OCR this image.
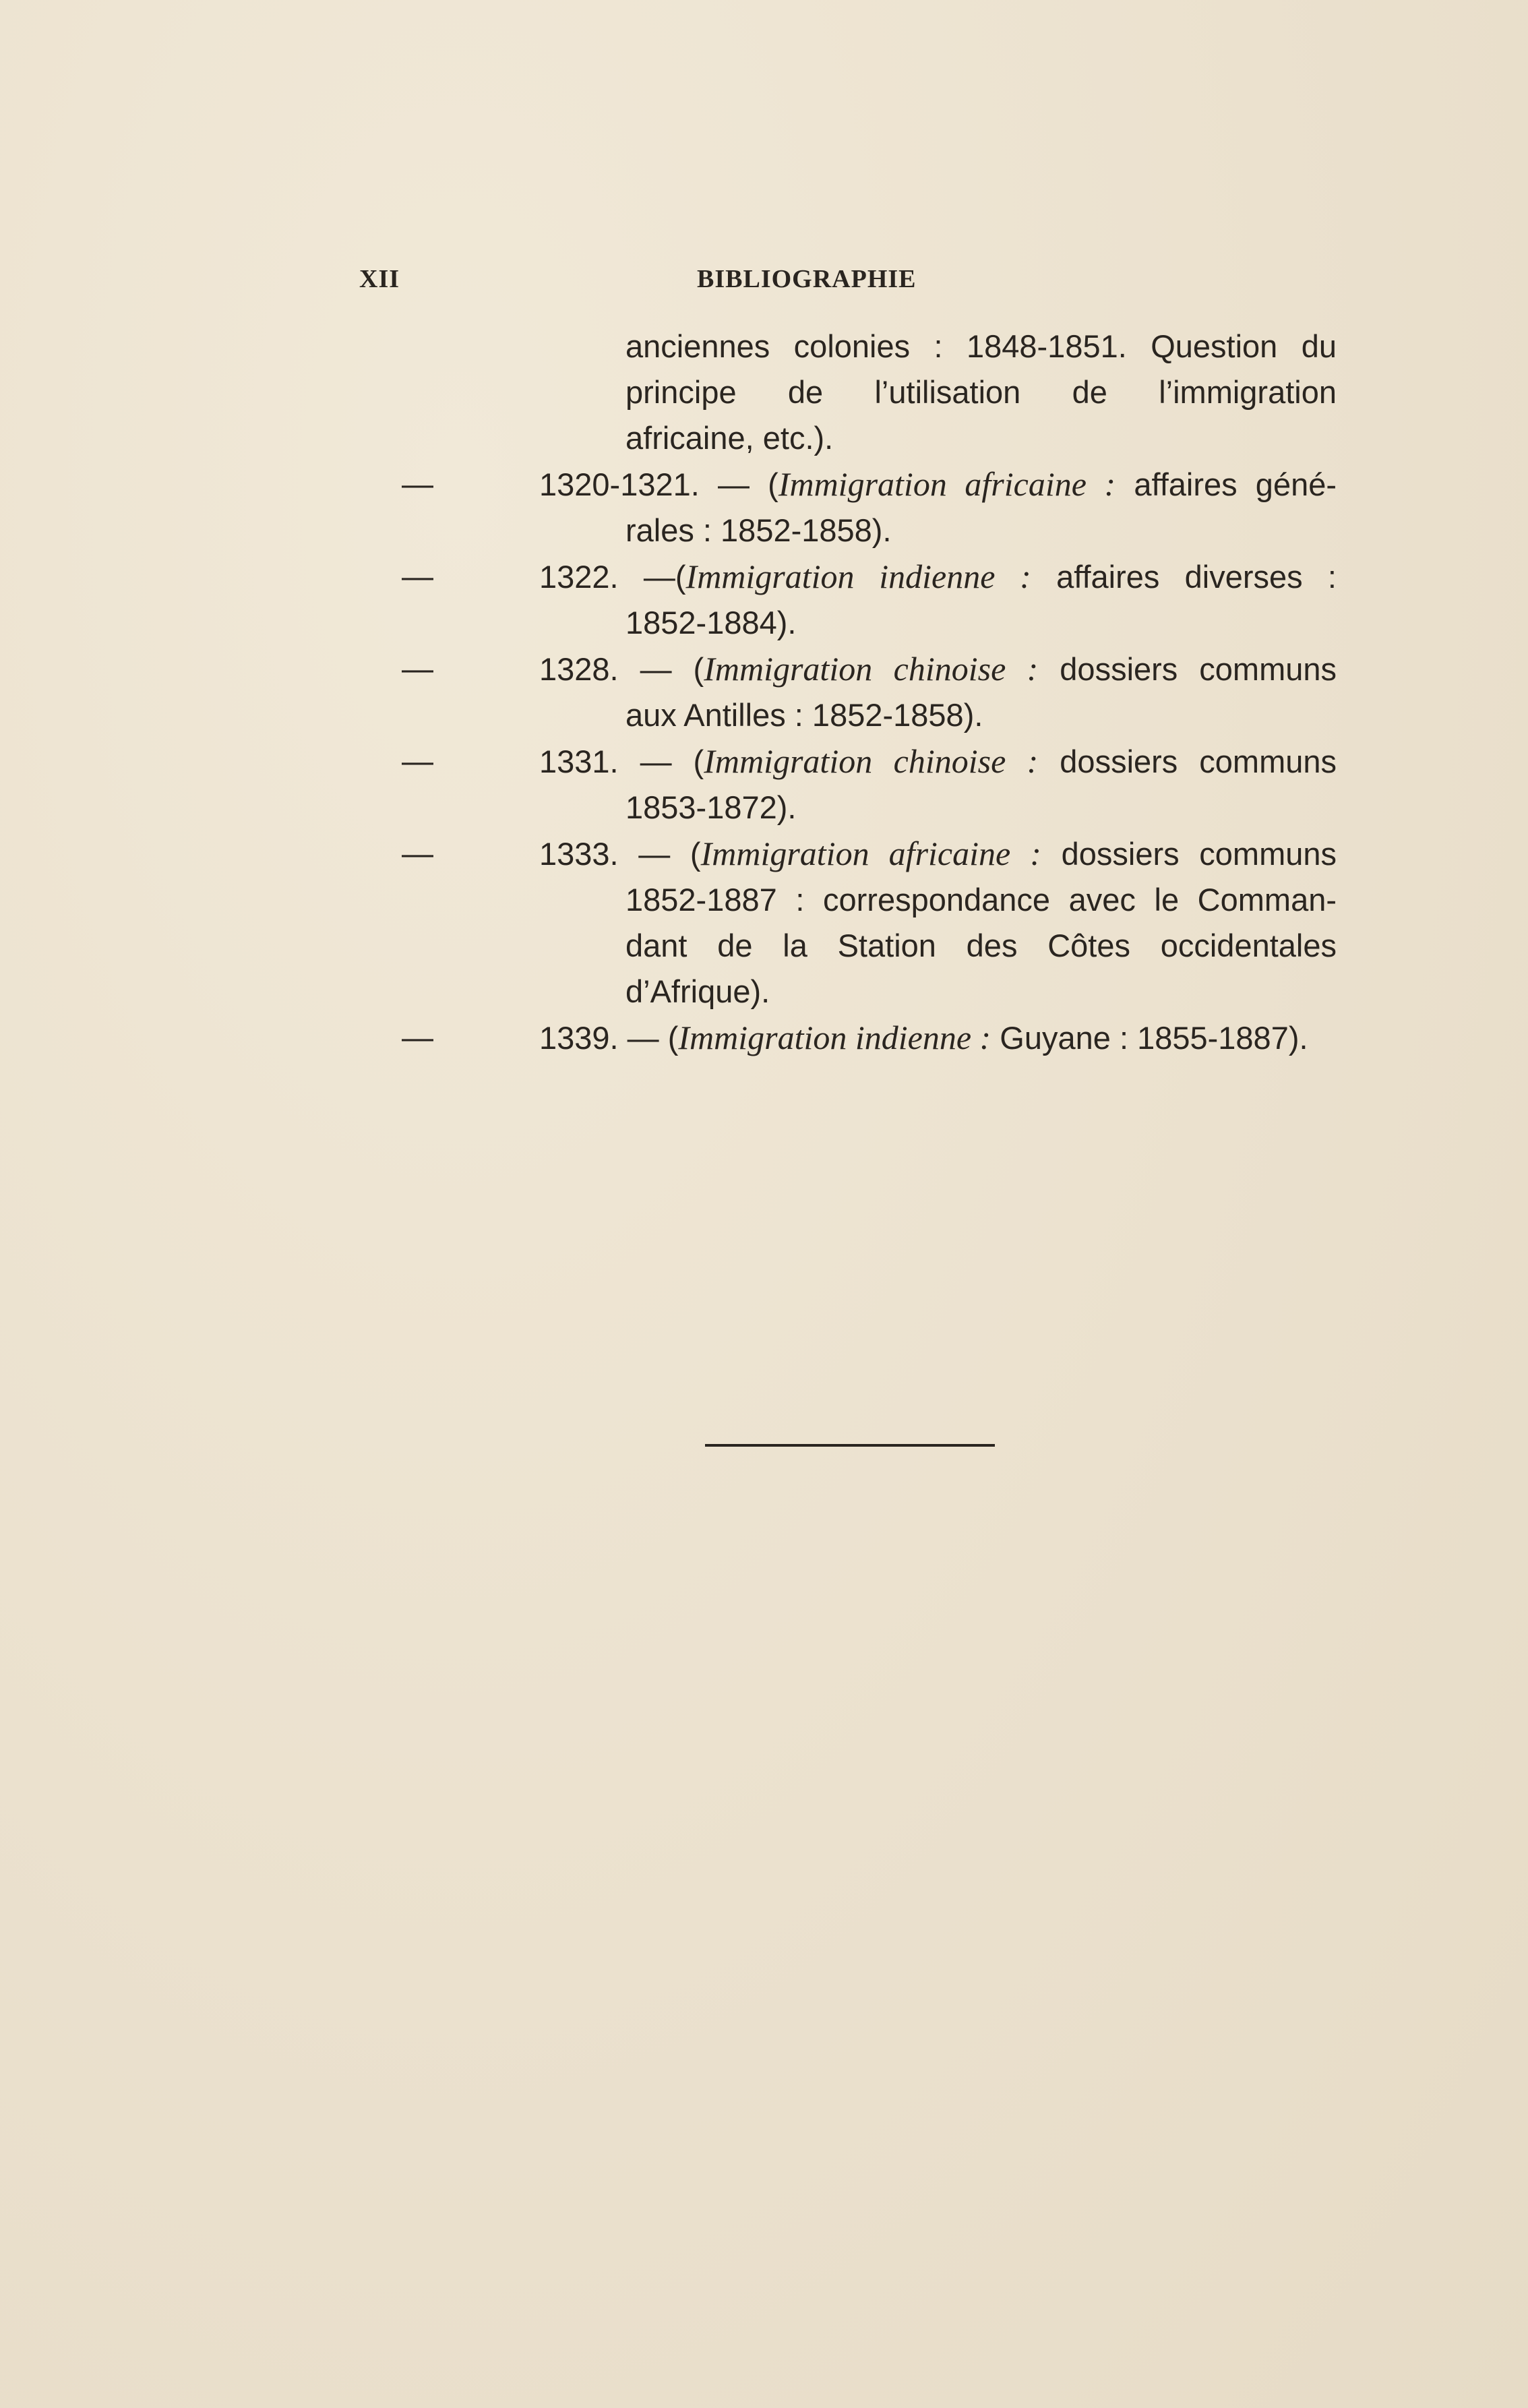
XII	BIBLIOGRAPHIE
anciennes colonies : 1848-1851. Question du
principe de l’utilisation de l’immigration
africaine, etc.).
—	1320-1321. — (Immigration africaine : affaires géné-
rales : 1852-1858).
—	1322. —(Immigration indienne : affaires diverses :
1852-1884).
—	1328. — (Immigration chinoise : dossiers communs
aux Antilles : 1852-1858).
—	1331. — (Immigration chinoise : dossiers communs
1853-1872).
—	1333. — (Immigration africaine : dossiers communs
1852-1887 : correspondance avec le Comman-
dant de la Station des Côtes occidentales
d’Afrique).
—	1339. — (Immigration indienne : Guyane : 1855-1887).
